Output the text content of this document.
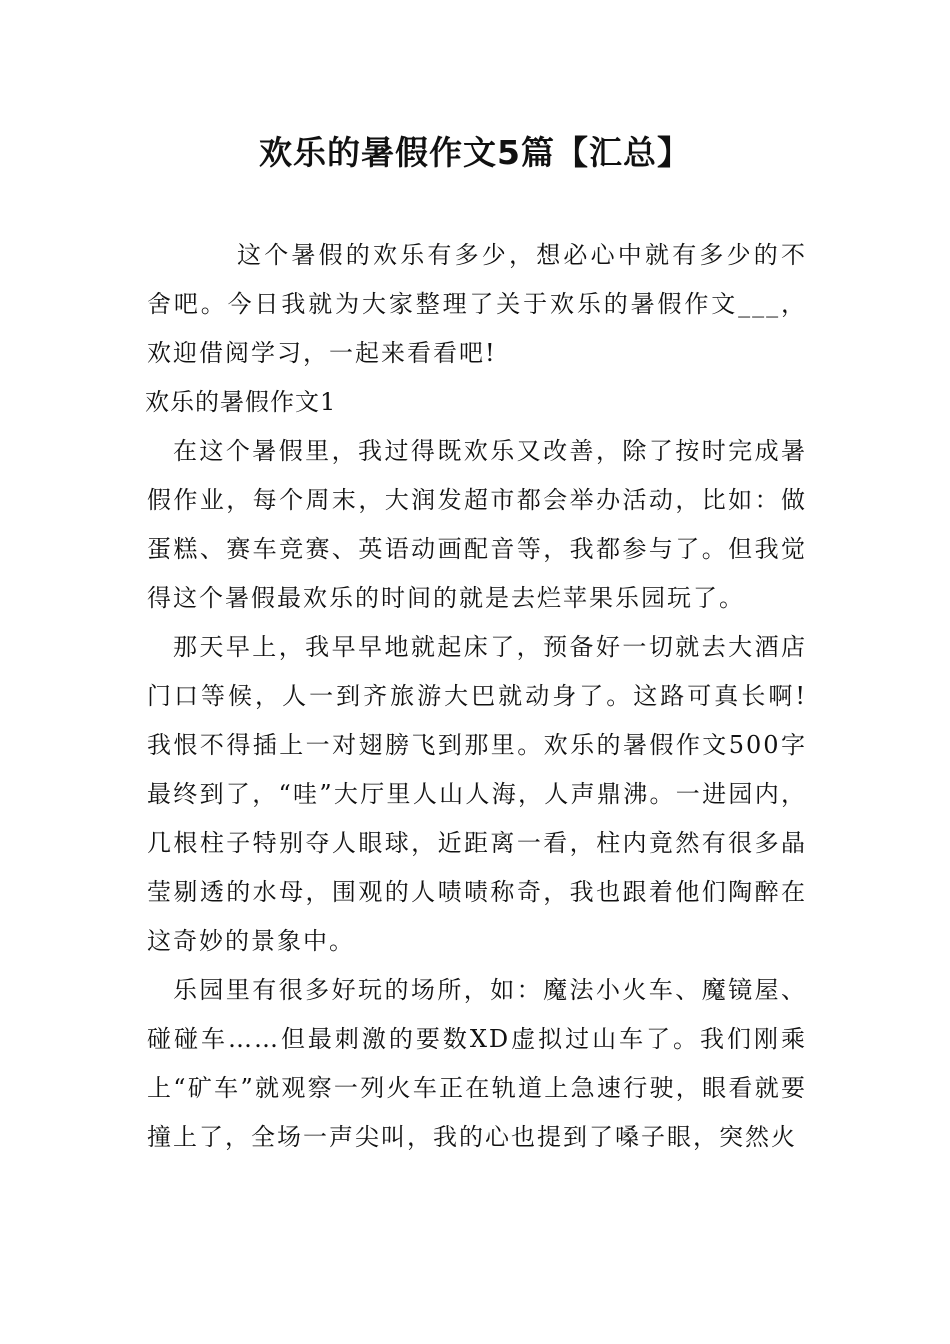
欢乐的暑假作文5篇【汇总】

这个暑假的欢乐有多少，想必心中就有多少的不舍吧。今日我就为大家整理了关于欢乐的暑假作文___，欢迎借阅学习，一起来看看吧!

欢乐的暑假作文1

在这个暑假里，我过得既欢乐又改善，除了按时完成暑假作业，每个周末，大润发超市都会举办活动，比如：做蛋糕、赛车竞赛、英语动画配音等，我都参与了。但我觉得这个暑假最欢乐的时间的就是去烂苹果乐园玩了。

那天早上，我早早地就起床了，预备好一切就去大酒店门口等候，人一到齐旅游大巴就动身了。这路可真长啊!我恨不得插上一对翅膀飞到那里。欢乐的暑假作文500字 最终到了，“哇”大厅里人山人海，人声鼎沸。一进园内，几根柱子特别夺人眼球，近距离一看，柱内竟然有很多晶莹剔透的水母，围观的人啧啧称奇，我也跟着他们陶醉在这奇妙的景象中。

乐园里有很多好玩的场所，如：魔法小火车、魔镜屋、碰碰车……但最刺激的要数XD虚拟过山车了。我们刚乘上“矿车”就观察一列火车正在轨道上急速行驶，眼看就要撞上了，全场一声尖叫，我的心也提到了嗓子眼，突然火
